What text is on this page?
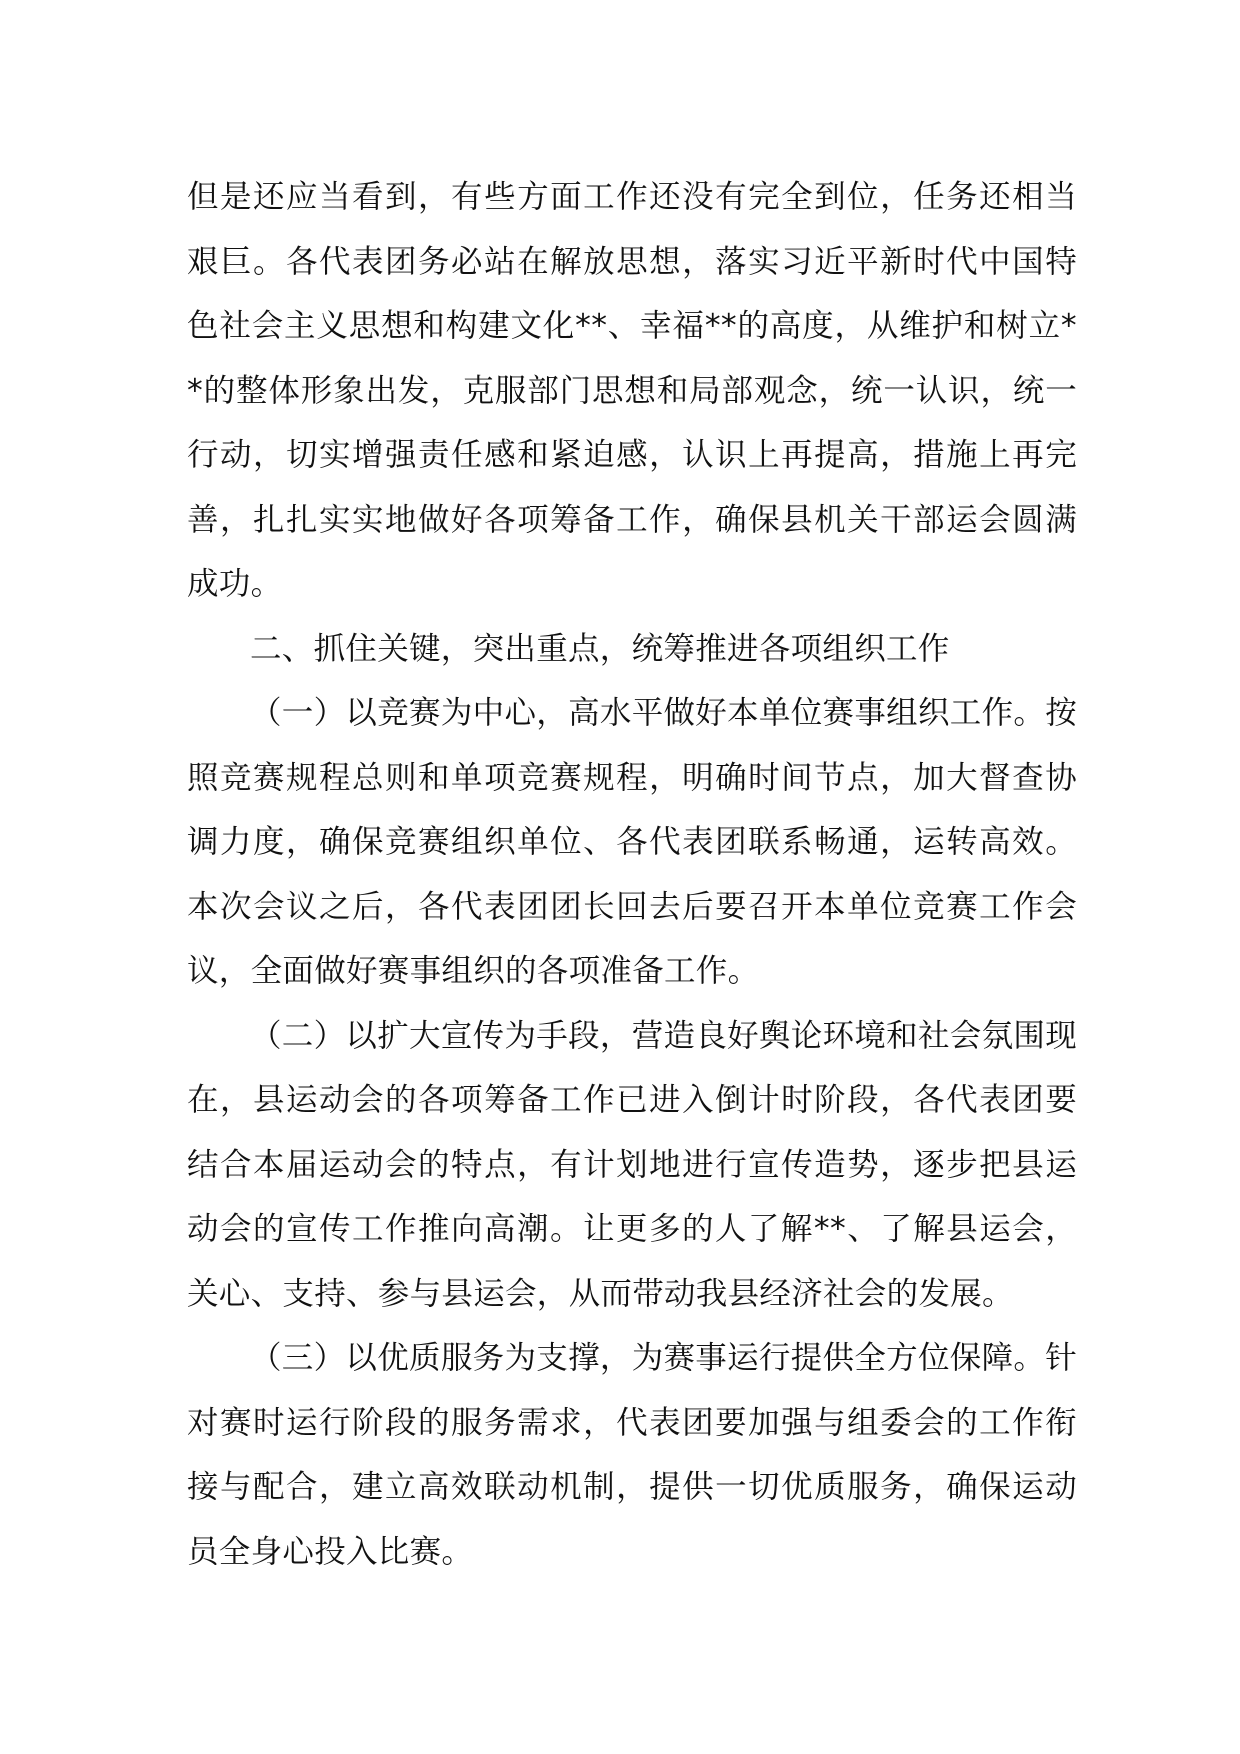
但是还应当看到，有些方面工作还没有完全到位，任务还相当艰巨。各代表团务必站在解放思想，落实习近平新时代中国特色社会主义思想和构建文化**、幸福**的高度，从维护和树立**的整体形象出发，克服部门思想和局部观念，统一认识，统一行动，切实增强责任感和紧迫感，认识上再提高，措施上再完善，扎扎实实地做好各项筹备工作，确保县机关干部运会圆满成功。

二、抓住关键，突出重点，统筹推进各项组织工作

（一）以竞赛为中心，高水平做好本单位赛事组织工作。按照竞赛规程总则和单项竞赛规程，明确时间节点，加大督查协调力度，确保竞赛组织单位、各代表团联系畅通，运转高效。本次会议之后，各代表团团长回去后要召开本单位竞赛工作会议，全面做好赛事组织的各项准备工作。

（二）以扩大宣传为手段，营造良好舆论环境和社会氛围现在，县运动会的各项筹备工作已进入倒计时阶段，各代表团要结合本届运动会的特点，有计划地进行宣传造势，逐步把县运动会的宣传工作推向高潮。让更多的人了解**、了解县运会，关心、支持、参与县运会，从而带动我县经济社会的发展。

（三）以优质服务为支撑，为赛事运行提供全方位保障。针对赛时运行阶段的服务需求，代表团要加强与组委会的工作衔接与配合，建立高效联动机制，提供一切优质服务，确保运动员全身心投入比赛。
